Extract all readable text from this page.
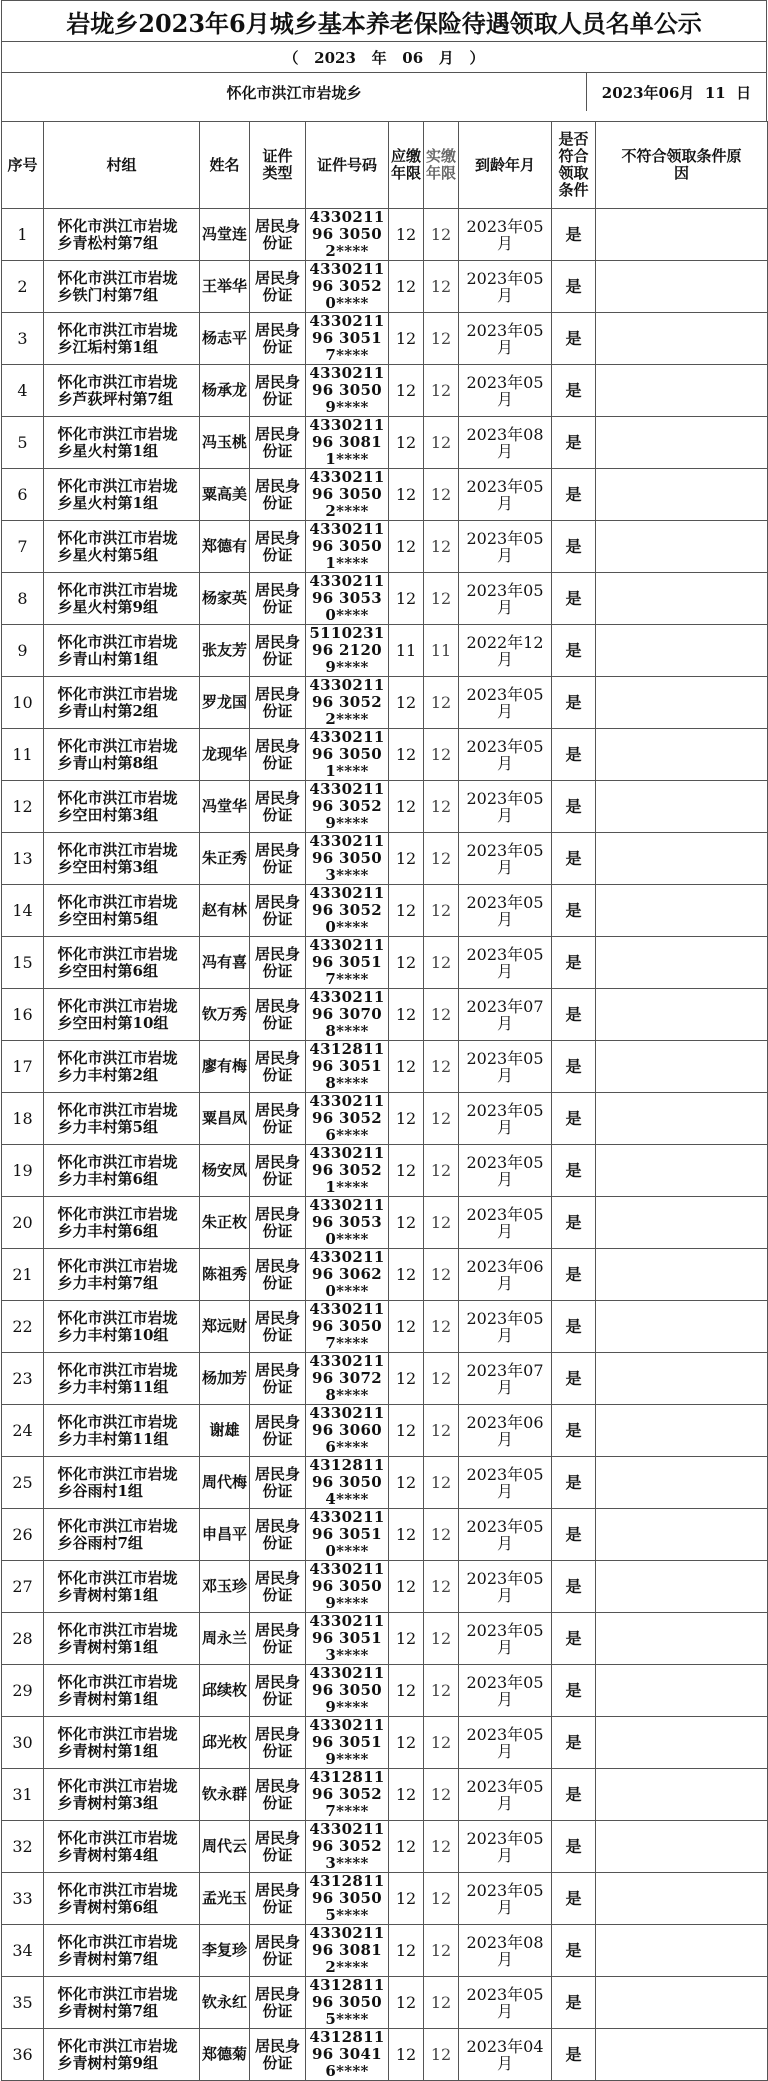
岩垅乡2023年6月城乡基本养老保险待遇领取人员名单公示
（   2023   年   06   月   ）
怀化市洪江市岩垅乡	2023年06月  11  日
序号	村组	姓名	证件类型	证件号码	应缴年限	实缴年限	到龄年月	是否符合领取条件	不符合领取条件原因

1	怀化市洪江市岩垅乡青松村第7组	冯堂连	居民身份证	433021196 30502****	12	12	2023年05月	是	

2	怀化市洪江市岩垅乡铁门村第7组	王举华	居民身份证	433021196 30520****	12	12	2023年05月	是	

3	怀化市洪江市岩垅乡江垢村第1组	杨志平	居民身份证	433021196 30517****	12	12	2023年05月	是	

4	怀化市洪江市岩垅乡芦荻坪村第7组	杨承龙	居民身份证	433021196 30509****	12	12	2023年05月	是	

5	怀化市洪江市岩垅乡星火村第1组	冯玉桃	居民身份证	433021196 30811****	12	12	2023年08月	是	

6	怀化市洪江市岩垅乡星火村第1组	粟高美	居民身份证	433021196 30502****	12	12	2023年05月	是	

7	怀化市洪江市岩垅乡星火村第5组	郑德有	居民身份证	433021196 30501****	12	12	2023年05月	是	

8	怀化市洪江市岩垅乡星火村第9组	杨家英	居民身份证	433021196 30530****	12	12	2023年05月	是	

9	怀化市洪江市岩垅乡青山村第1组	张友芳	居民身份证	511023196 21209****	11	11	2022年12月	是	

10	怀化市洪江市岩垅乡青山村第2组	罗龙国	居民身份证	433021196 30522****	12	12	2023年05月	是	

11	怀化市洪江市岩垅乡青山村第8组	龙现华	居民身份证	433021196 30501****	12	12	2023年05月	是	

12	怀化市洪江市岩垅乡空田村第3组	冯堂华	居民身份证	433021196 30529****	12	12	2023年05月	是	

13	怀化市洪江市岩垅乡空田村第3组	朱正秀	居民身份证	433021196 30503****	12	12	2023年05月	是	

14	怀化市洪江市岩垅乡空田村第5组	赵有林	居民身份证	433021196 30520****	12	12	2023年05月	是	

15	怀化市洪江市岩垅乡空田村第6组	冯有喜	居民身份证	433021196 30517****	12	12	2023年05月	是	

16	怀化市洪江市岩垅乡空田村第10组	钦万秀	居民身份证	433021196 30708****	12	12	2023年07月	是	

17	怀化市洪江市岩垅乡力丰村第2组	廖有梅	居民身份证	431281196 30518****	12	12	2023年05月	是	

18	怀化市洪江市岩垅乡力丰村第5组	粟昌凤	居民身份证	433021196 30526****	12	12	2023年05月	是	

19	怀化市洪江市岩垅乡力丰村第6组	杨安凤	居民身份证	433021196 30521****	12	12	2023年05月	是	

20	怀化市洪江市岩垅乡力丰村第6组	朱正枚	居民身份证	433021196 30530****	12	12	2023年05月	是	

21	怀化市洪江市岩垅乡力丰村第7组	陈祖秀	居民身份证	433021196 30620****	12	12	2023年06月	是	

22	怀化市洪江市岩垅乡力丰村第10组	郑远财	居民身份证	433021196 30507****	12	12	2023年05月	是	

23	怀化市洪江市岩垅乡力丰村第11组	杨加芳	居民身份证	433021196 30728****	12	12	2023年07月	是	

24	怀化市洪江市岩垅乡力丰村第11组	谢雄	居民身份证	433021196 30606****	12	12	2023年06月	是	

25	怀化市洪江市岩垅乡谷雨村1组	周代梅	居民身份证	431281196 30504****	12	12	2023年05月	是	

26	怀化市洪江市岩垅乡谷雨村7组	申昌平	居民身份证	433021196 30510****	12	12	2023年05月	是	

27	怀化市洪江市岩垅乡青树村第1组	邓玉珍	居民身份证	433021196 30509****	12	12	2023年05月	是	

28	怀化市洪江市岩垅乡青树村第1组	周永兰	居民身份证	433021196 30513****	12	12	2023年05月	是	

29	怀化市洪江市岩垅乡青树村第1组	邱续枚	居民身份证	433021196 30509****	12	12	2023年05月	是	

30	怀化市洪江市岩垅乡青树村第1组	邱光枚	居民身份证	433021196 30519****	12	12	2023年05月	是	

31	怀化市洪江市岩垅乡青树村第3组	钦永群	居民身份证	431281196 30527****	12	12	2023年05月	是	

32	怀化市洪江市岩垅乡青树村第4组	周代云	居民身份证	433021196 30523****	12	12	2023年05月	是	

33	怀化市洪江市岩垅乡青树村第6组	孟光玉	居民身份证	431281196 30505****	12	12	2023年05月	是	

34	怀化市洪江市岩垅乡青树村第7组	李复珍	居民身份证	433021196 30812****	12	12	2023年08月	是	

35	怀化市洪江市岩垅乡青树村第7组	钦永红	居民身份证	431281196 30505****	12	12	2023年05月	是	

36	怀化市洪江市岩垅乡青树村第9组	郑德菊	居民身份证	431281196 30416****	12	12	2023年04月	是	
